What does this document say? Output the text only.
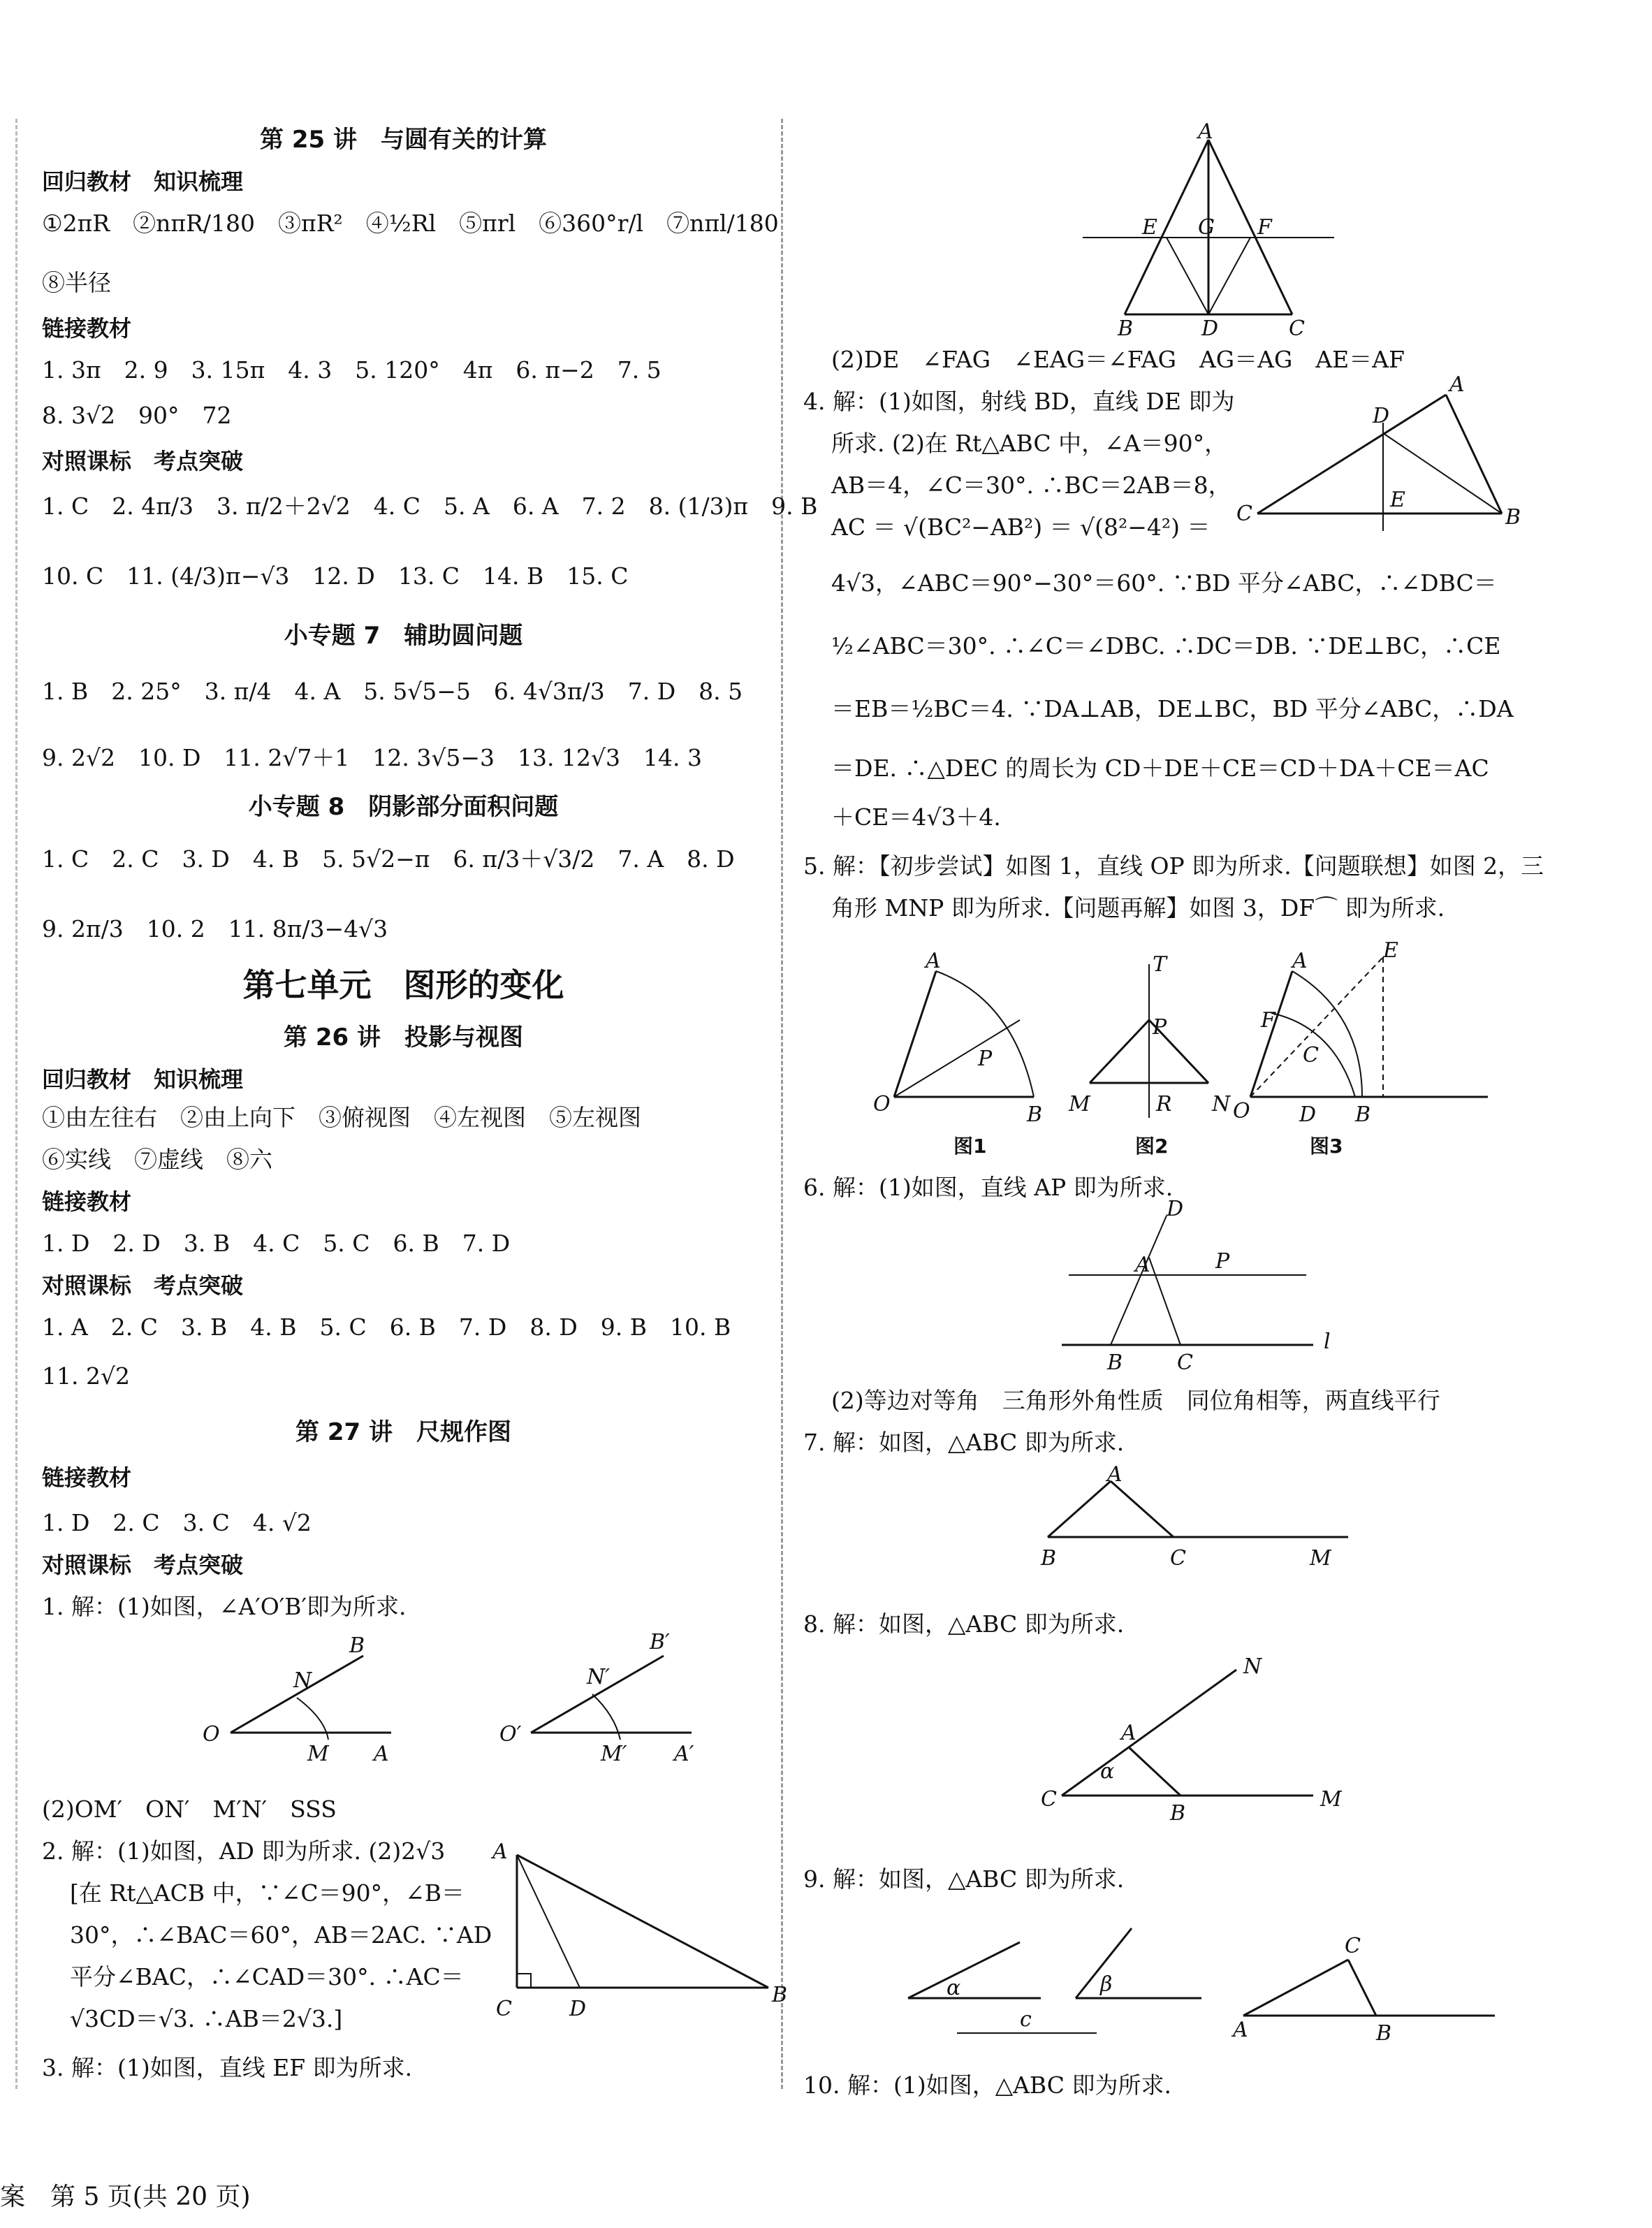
第 25 讲　与圆有关的计算

回归教材　知识梳理

①2πR　②nπR/180　③πR²　④½Rl　⑤πrl　⑥360°r/l　⑦nπl/180

⑧半径

链接教材

1. 3π　2. 9　3. 15π　4. 3　5. 120°　4π　6. π−2　7. 5

8. 3√2　90°　72

对照课标　考点突破

1. C　2. 4π/3　3. π/2＋2√2　4. C　5. A　6. A　7. 2　8. (1/3)π　9. B

10. C　11. (4/3)π−√3　12. D　13. C　14. B　15. C

小专题 7　辅助圆问题

1. B　2. 25°　3. π/4　4. A　5. 5√5−5　6. 4√3π/3　7. D　8. 5

9. 2√2　10. D　11. 2√7＋1　12. 3√5−3　13. 12√3　14. 3

小专题 8　阴影部分面积问题

1. C　2. C　3. D　4. B　5. 5√2−π　6. π/3＋√3/2　7. A　8. D

9. 2π/3　10. 2　11. 8π/3−4√3

第七单元　图形的变化

第 26 讲　投影与视图

回归教材　知识梳理

①由左往右　②由上向下　③俯视图　④左视图　⑤左视图

⑥实线　⑦虚线　⑧六

链接教材

1. D　2. D　3. B　4. C　5. C　6. B　7. D

对照课标　考点突破

1. A　2. C　3. B　4. B　5. C　6. B　7. D　8. D　9. B　10. B

11. 2√2

第 27 讲　尺规作图

链接教材

1. D　2. C　3. C　4. √2

对照课标　考点突破

1. 解：(1)如图，∠A′O′B′即为所求.

O
B
N
M A
O′
B′
N′
M′ A′

(2)OM′　ON′　M′N′　SSS

2. 解：(1)如图，AD 即为所求. (2)2√3

[在 Rt△ACB 中，∵∠C＝90°，∠B＝

30°，∴∠BAC＝60°，AB＝2AC. ∵AD

平分∠BAC，∴∠CAD＝30°. ∴AC＝

√3CD＝√3. ∴AB＝2√3.]

A
C	D
B

3. 解：(1)如图，直线 EF 即为所求.

A
E G F
B	D	C

(2)DE　∠FAG　∠EAG＝∠FAG　AG＝AG　AE＝AF

4. 解：(1)如图，射线 BD，直线 DE 即为

所求. (2)在 Rt△ABC 中，∠A＝90°，

AB＝4，∠C＝30°. ∴BC＝2AB＝8，

AC ＝ √(BC²−AB²) ＝ √(8²−4²) ＝ C
D
E
B
A

4√3，∠ABC＝90°−30°＝60°. ∵BD 平分∠ABC，∴∠DBC＝

½∠ABC＝30°. ∴∠C＝∠DBC. ∴DC＝DB. ∵DE⊥BC，∴CE

＝EB＝½BC＝4. ∵DA⊥AB，DE⊥BC，BD 平分∠ABC，∴DA

＝DE. ∴△DEC 的周长为 CD＋DE＋CE＝CD＋DA＋CE＝AC

＋CE＝4√3＋4.

5. 解：【初步尝试】如图 1，直线 OP 即为所求.【问题联想】如图 2，三

角形 MNP 即为所求.【问题再解】如图 3，DF⌒ 即为所求.

O
A
P
B
图1
T
P
M	R N
图2
O
A
F
C
D B
E
图3

6. 解：(1)如图，直线 AP 即为所求.

D
A	P
B	C
l

(2)等边对等角　三角形外角性质　同位角相等，两直线平行

7. 解：如图，△ABC 即为所求.

A
B	C	M

8. 解：如图，△ABC 即为所求.

N
A
α
C
B
M

9. 解：如图，△ABC 即为所求.

α	β
c	A
C
B

10. 解：(1)如图，△ABC 即为所求.

案　第 5 页(共 20 页)
